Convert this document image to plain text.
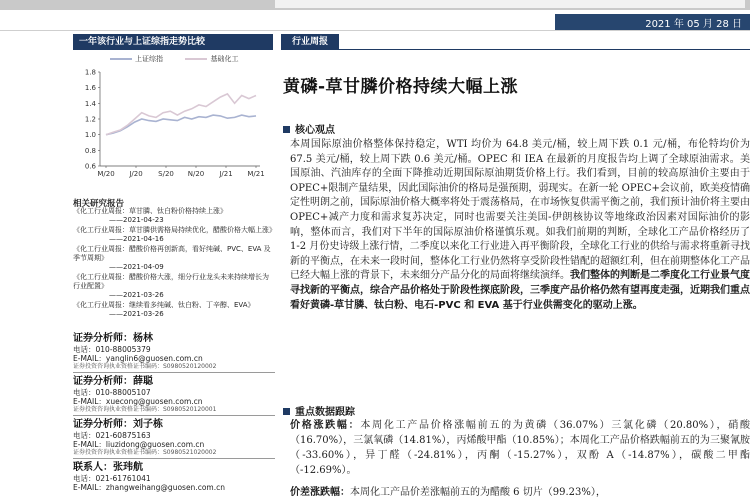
2021 年 05 月 28 日
一年该行业与上证综指走势比较
上证综指	基础化工
1.8
1.6
1.4
1.2
1.0
0.8
0.6
M/20 J/20 S/20 N/20 J/21 M/21
相关研究报告
《化工行业周报：草甘膦、钛白粉价格持续上涨》
——2021-04-23
《化工行业周报：草甘膦供需格局持续优化，醋酸价格大幅上涨》
——2021-04-16
《化工行业周报：醋酸价格再创新高，看好纯碱、PVC、EVA 及季节周期》
——2021-04-09
《化工行业周报：醋酸价格大涨，细分行业龙头未来持续增长为行业配置》
——2021-03-26
《化工行业周报：继续看多纯碱、钛白粉、丁辛醇、EVA》
——2021-03-26
证券分析师：杨林
电话：010-88005379
E-MAIL：yanglin6@guosen.com.cn
证券投资咨询执业资格证书编码：S0980520120002
证券分析师：薛聪
电话：010-88005107
E-MAIL：xuecong@guosen.com.cn
证券投资咨询执业资格证书编码：S0980520120001
证券分析师：刘子栋
电话：021-60875163
E-MAIL：liuzidong@guosen.com.cn
证券投资咨询执业资格证书编码：S0980521020002
联系人：张玮航
电话：021-61761041
E-MAIL：zhangweihang@guosen.com.cn
行业周报
黄磷-草甘膦价格持续大幅上涨
核心观点
本周国际原油价格整体保持稳定，WTI 均价为 64.8 美元/桶，较上周下跌 0.1 元/桶，布伦特均价为 67.5 美元/桶，较上周下跌 0.6 美元/桶。OPEC 和 IEA 在最新的月度报告均上调了全球原油需求。美国原油、汽油库存的全面下降推动近期国际原油期货价格上行。我们看到，目前的较高原油价主要由于 OPEC+限制产量结果，因此国际油价的格局是强预期，弱现实。在新一轮 OPEC+会议前，欧美疫情确定性明朗之前，国际原油价格大概率将处于震荡格局，在市场恢复供需平衡之前，我们预计油价将主要由 OPEC+减产力度和需求复苏决定，同时也需要关注美国-伊朗核协议等地缘政治因素对国际油价的影响，整体而言，我们对下半年的国际原油价格谨慎乐观。如我们前期的判断，全球化工产品价格经历了 1-2 月份史诗级上涨行情，二季度以来化工行业进入再平衡阶段，全球化工行业的供给与需求将重新寻找新的平衡点，在未来一段时间，整体化工行业仍然将享受阶段性错配的超额红利，但在前期整体化工产品已经大幅上涨的背景下，未来细分产品分化的局面将继续演绎。我们整体的判断是二季度化工行业景气度寻找新的平衡点，综合产品价格处于阶段性探底阶段，三季度产品价格仍然有望再度走强，近期我们重点看好黄磷-草甘膦、钛白粉、电石-PVC 和 EVA 基于行业供需变化的驱动上涨。
重点数据跟踪
价格涨跌幅：本周化工产品价格涨幅前五的为黄磷（36.07%）三氯化磷（20.80%），硝酸（16.70%），三氯氧磷（14.81%），丙烯酸甲酯（10.85%）；本周化工产品价格跌幅前五的为三聚氰胺（-33.60%），异丁醛（-24.81%），丙酮（-15.27%），双酚 A（-14.87%），碳酸二甲酯（-12.69%）。
价差涨跌幅：本周化工产品价差涨幅前五的为醋酸 6 切片（99.23%），
